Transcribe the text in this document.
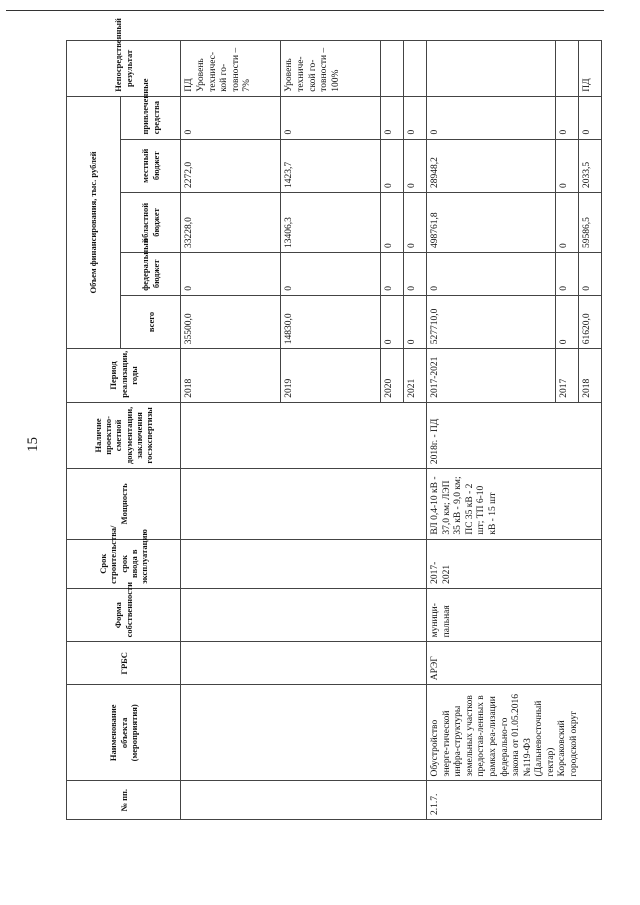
15
№ пп.	Наименование объекта (мероприятия)	ГРБС	Форма собственности	Срок строительства/срок ввода в эксплуатацию	Мощность	Наличие проектно-сметной документации, заключения госэкспертизы	Период реализации, годы	Объем финансирования, тыс. рублей					Непосредственный результат
								всего	федеральный бюджет	областной бюджет	местный бюджет	привлеченные средства	
							2018	35500,0	0	33228,0	2272,0	0	ПД Уровень техничес-кой го-товности – 7%
							2019	14830,0	0	13406,3	1423,7	0	Уровень техниче-ской го-товности – 100%
							2020	0	0	0	0	0	
							2021	0	0	0	0	0	
2.1.7.	Обустройство энерге-тической инфра-структуры земельных участков предостав-ленных в рамках реа-лизации федерально-го закона от 01.05.2016 №119-ФЗ (Дальневосточный гектар) Корсаковский городской округ	АРЭГ	муници-пальная	2017-2021	ВЛ 0,4-10 кВ - 37,0 км; ЛЭП 35 кВ - 9,0 км; ПС 35 кВ - 2 шт; ТП 6-10 кВ - 15 шт	2018г. - ПД	2017-2021	527710,0	0	498761,8	28948,2	0	
							2017	0	0	0	0	0	
							2018	61620,0	0	59586,5	2033,5	0	ПД
